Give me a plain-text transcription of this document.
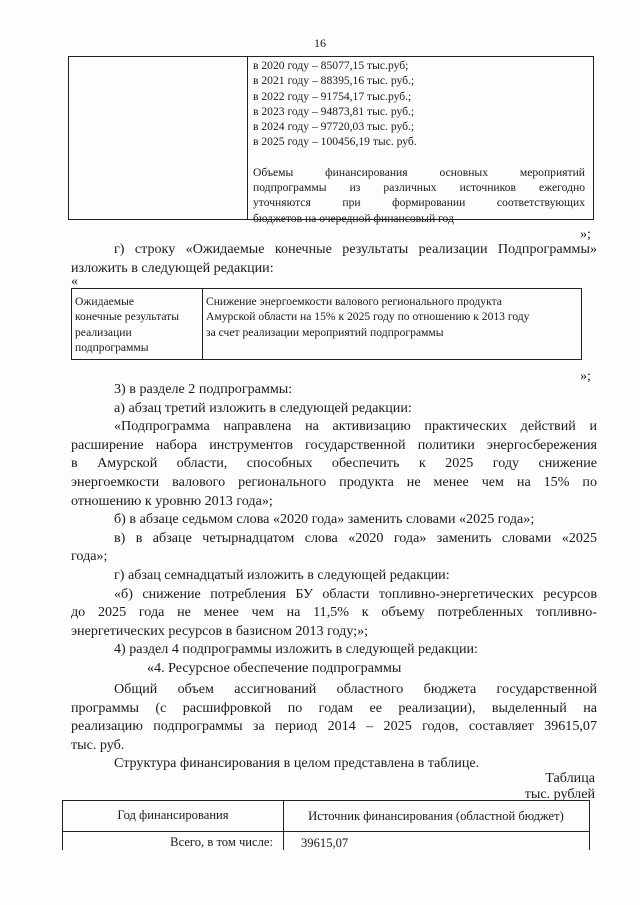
16
в 2020 году – 85077,15 тыс.руб;
в 2021 году – 88395,16 тыс. руб.;
в 2022 году – 91754,17 тыс.руб.;
в 2023 году – 94873,81 тыс. руб.;
в 2024 году – 97720,03 тыс. руб.;
в 2025 году – 100456,19 тыс. руб.
Объемы финансирования основных мероприятий
подпрограммы из различных источников ежегодно
уточняются при формировании соответствующих
бюджетов на очередной финансовый год
»;
г) строку «Ожидаемые конечные результаты реализации Подпрограммы»
изложить в следующей редакции:
«
Ожидаемые
конечные результаты
реализации
подпрограммы
Снижение энергоемкости валового регионального продукта
Амурской области на 15% к 2025 году по отношению к 2013 году
за счет реализации мероприятий подпрограммы
»;
3) в разделе 2 подпрограммы:
а) абзац третий изложить в следующей редакции:
«Подпрограмма направлена на активизацию практических действий и
расширение набора инструментов государственной политики энергосбережения
в Амурской области, способных обеспечить к 2025 году снижение
энергоемкости валового регионального продукта не менее чем на 15% по
отношению к уровню 2013 года»;
б) в абзаце седьмом слова «2020 года» заменить словами «2025 года»;
в) в абзаце четырнадцатом слова «2020 года» заменить словами «2025
года»;
г) абзац семнадцатый изложить в следующей редакции:
«б) снижение потребления БУ области топливно-энергетических ресурсов
до 2025 года не менее чем на 11,5% к объему потребленных топливно-
энергетических ресурсов в базисном 2013 году;»;
4) раздел 4 подпрограммы изложить в следующей редакции:
«4. Ресурсное обеспечение подпрограммы
Общий объем ассигнований областного бюджета государственной
программы (с расшифровкой по годам ее реализации), выделенный на
реализацию подпрограммы за период 2014 – 2025 годов, составляет 39615,07
тыс. руб.
Структура финансирования в целом представлена в таблице.
Таблица
тыс. рублей
Год финансирования	Источник финансирования (областной бюджет)
Всего, в том числе: 39615,07
